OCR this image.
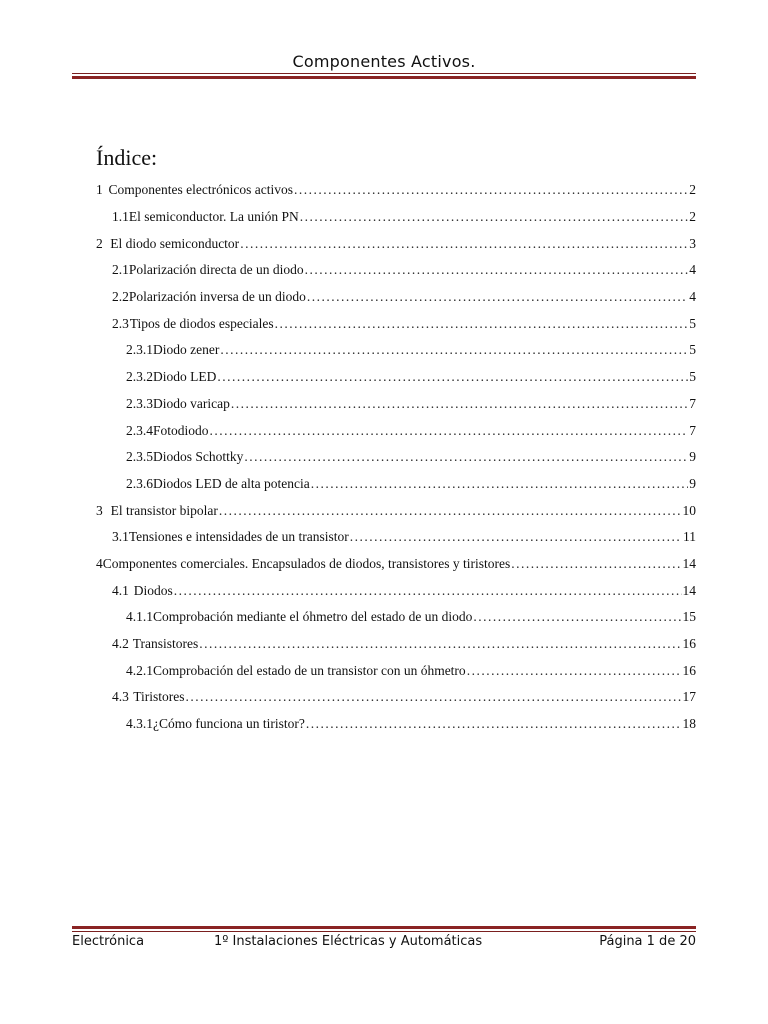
Componentes Activos.
Índice:
1 Componentes electrónicos activos .....	2
1.1 El semiconductor. La unión PN .....	2
2 El diodo semiconductor .....	3
2.1 Polarización directa de un diodo .....	4
2.2 Polarización inversa de un diodo .....	4
2.3 Tipos de diodos especiales .....	5
2.3.1 Diodo zener .....	5
2.3.2 Diodo LED .....	5
2.3.3 Diodo varicap .....	7
2.3.4 Fotodiodo .....	7
2.3.5 Diodos Schottky .....	9
2.3.6 Diodos LED de alta potencia .....	9
3 El transistor bipolar .....	10
3.1 Tensiones e intensidades de un transistor .....	11
4 Componentes comerciales. Encapsulados de diodos, transistores y tiristores .....	14
4.1 Diodos .....	14
4.1.1 Comprobación mediante el óhmetro del estado de un diodo .....	15
4.2 Transistores .....	16
4.2.1 Comprobación del estado de un transistor con un óhmetro .....	16
4.3 Tiristores .....	17
4.3.1 ¿Cómo funciona un tiristor? .....	18
Electrónica	1º Instalaciones Eléctricas y Automáticas	Página 1 de 20
